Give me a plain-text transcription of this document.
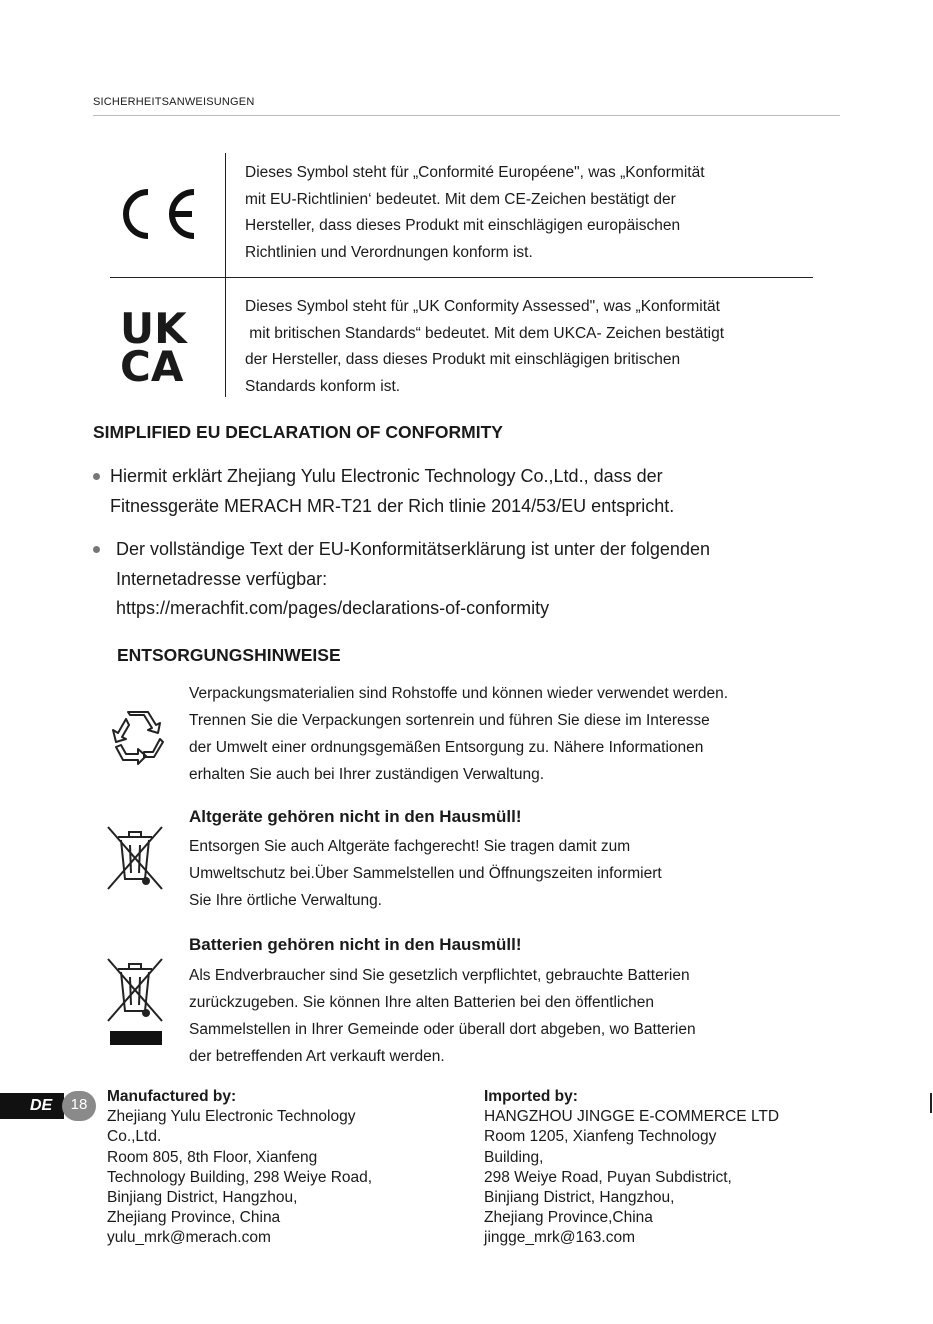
SICHERHEITSANWEISUNGEN
Dieses Symbol steht für „Conformité Européene", was „Konformität
mit EU-Richtlinien‘ bedeutet. Mit dem CE-Zeichen bestätigt der
Hersteller, dass dieses Produkt mit einschlägigen europäischen
Richtlinien und Verordnungen konform ist.
UK
CA
Dieses Symbol steht für „UK Conformity Assessed", was „Konformität
mit britischen Standards“ bedeutet. Mit dem UKCA- Zeichen bestätigt
der Hersteller, dass dieses Produkt mit einschlägigen britischen
Standards konform ist.
SIMPLIFIED EU DECLARATION OF CONFORMITY
Hiermit erklärt Zhejiang Yulu Electronic Technology Co.,Ltd., dass der
Fitnessgeräte MERACH MR-T21 der Rich tlinie 2014/53/EU entspricht.
Der vollständige Text der EU-Konformitätserklärung ist unter der folgenden
Internetadresse verfügbar:
https://merachfit.com/pages/declarations-of-conformity
ENTSORGUNGSHINWEISE
Verpackungsmaterialien sind Rohstoffe und können wieder verwendet werden.
Trennen Sie die Verpackungen sortenrein und führen Sie diese im Interesse
der Umwelt einer ordnungsgemäßen Entsorgung zu. Nähere Informationen
erhalten Sie auch bei Ihrer zuständigen Verwaltung.
Altgeräte gehören nicht in den Hausmüll!
Entsorgen Sie auch Altgeräte fachgerecht! Sie tragen damit zum
Umweltschutz bei.Über Sammelstellen und Öffnungszeiten informiert
Sie Ihre örtliche Verwaltung.
Batterien gehören nicht in den Hausmüll!
Als Endverbraucher sind Sie gesetzlich verpflichtet, gebrauchte Batterien
zurückzugeben. Sie können Ihre alten Batterien bei den öffentlichen
Sammelstellen in Ihrer Gemeinde oder überall dort abgeben, wo Batterien
der betreffenden Art verkauft werden.
DE	18	Manufactured by:
Zhejiang Yulu Electronic Technology
Co.,Ltd.
Room 805, 8th Floor, Xianfeng
Technology Building, 298 Weiye Road,
Binjiang District, Hangzhou,
Zhejiang Province, China
yulu_mrk@merach.com
Imported by:
HANGZHOU JINGGE E-COMMERCE LTD
Room 1205, Xianfeng Technology
Building,
298 Weiye Road, Puyan Subdistrict,
Binjiang District, Hangzhou,
Zhejiang Province,China
jingge_mrk@163.com
